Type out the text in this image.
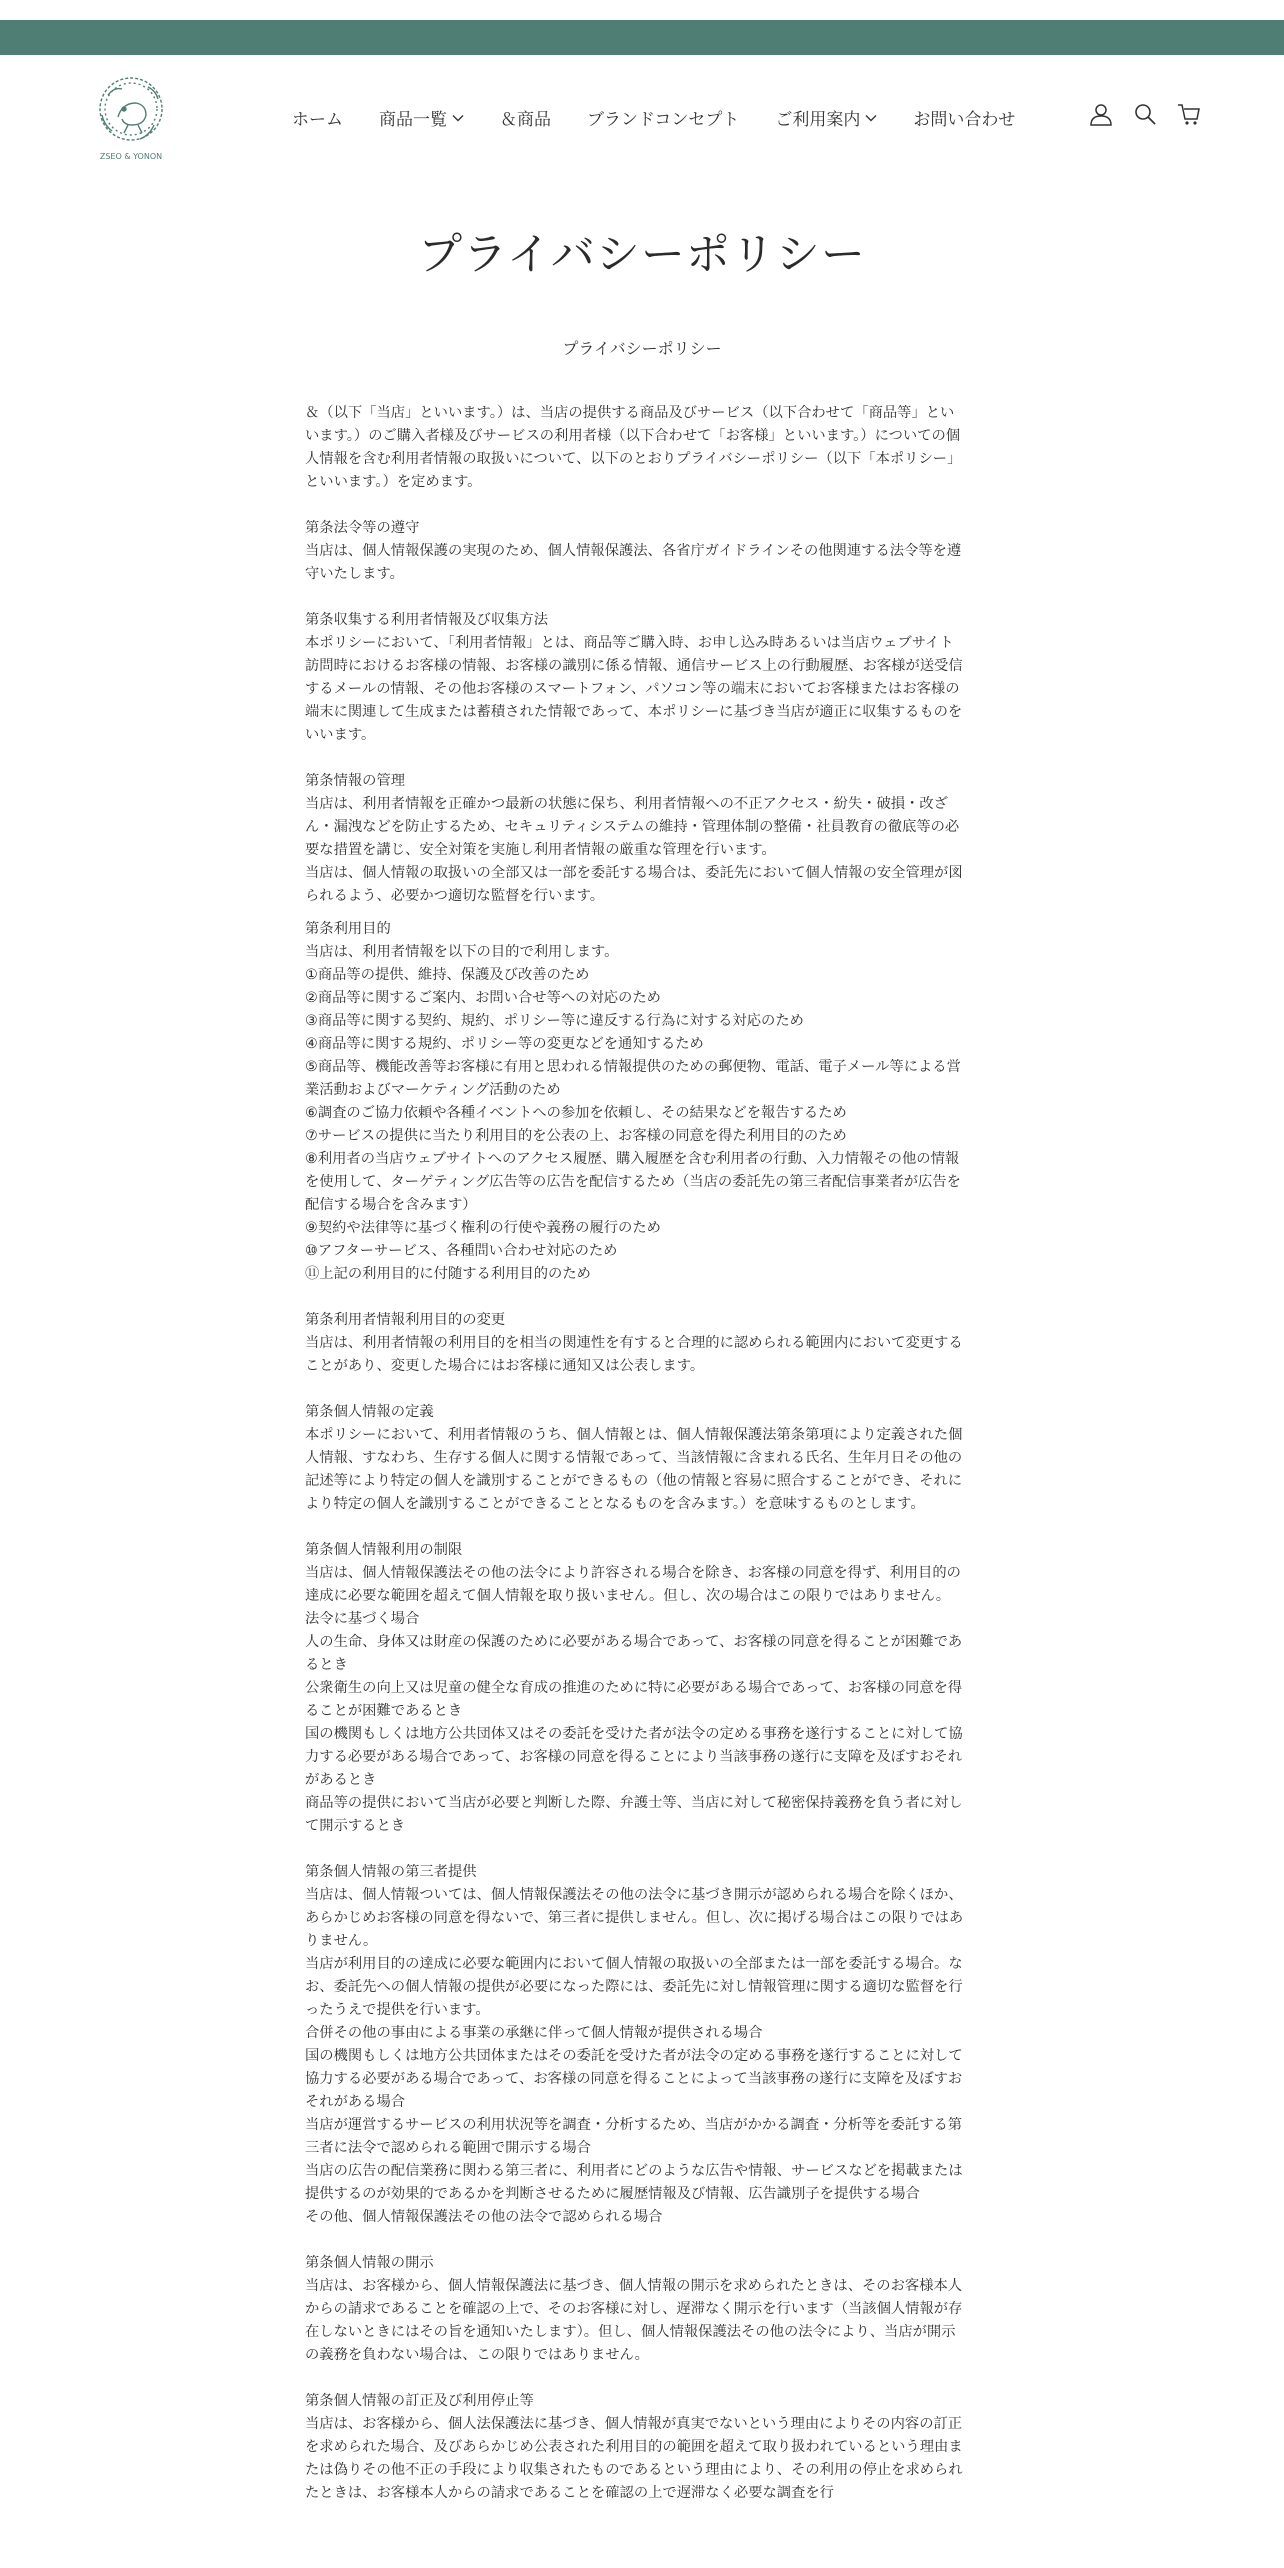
ZSEO & YONON
ホーム 商品一覧	＆商品 ブランドコンセプト ご利用案内	お問い合わせ
プライバシーポリシー
プライバシーポリシー

＆（以下「当店」といいます。）は、当店の提供する商品及びサービス（以下合わせて「商品等」といいます。）のご購入者様及びサービスの利用者様（以下合わせて「お客様」といいます。）についての個人情報を含む利用者情報の取扱いについて、以下のとおりプライバシーポリシー（以下「本ポリシー」といいます。）を定めます。

第条法令等の遵守

当店は、個人情報保護の実現のため、個人情報保護法、各省庁ガイドラインその他関連する法令等を遵守いたします。

第条収集する利用者情報及び収集方法

本ポリシーにおいて、「利用者情報」とは、商品等ご購入時、お申し込み時あるいは当店ウェブサイト訪問時におけるお客様の情報、お客様の識別に係る情報、通信サービス上の行動履歴、お客様が送受信するメールの情報、その他お客様のスマートフォン、パソコン等の端末においてお客様またはお客様の端末に関連して生成または蓄積された情報であって、本ポリシーに基づき当店が適正に収集するものをいいます。

第条情報の管理

当店は、利用者情報を正確かつ最新の状態に保ち、利用者情報への不正アクセス・紛失・破損・改ざん・漏洩などを防止するため、セキュリティシステムの維持・管理体制の整備・社員教育の徹底等の必要な措置を講じ、安全対策を実施し利用者情報の厳重な管理を行います。

当店は、個人情報の取扱いの全部又は一部を委託する場合は、委託先において個人情報の安全管理が図られるよう、必要かつ適切な監督を行います。

第条利用目的

当店は、利用者情報を以下の目的で利用します。

①商品等の提供、維持、保護及び改善のため

②商品等に関するご案内、お問い合せ等への対応のため

③商品等に関する契約、規約、ポリシー等に違反する行為に対する対応のため

④商品等に関する規約、ポリシー等の変更などを通知するため

⑤商品等、機能改善等お客様に有用と思われる情報提供のための郵便物、電話、電子メール等による営業活動およびマーケティング活動のため

⑥調査のご協力依頼や各種イベントへの参加を依頼し、その結果などを報告するため

⑦サービスの提供に当たり利用目的を公表の上、お客様の同意を得た利用目的のため

⑧利用者の当店ウェブサイトへのアクセス履歴、購入履歴を含む利用者の行動、入力情報その他の情報を使用して、ターゲティング広告等の広告を配信するため（当店の委託先の第三者配信事業者が広告を配信する場合を含みます）

⑨契約や法律等に基づく権利の行使や義務の履行のため

⑩アフターサービス、各種問い合わせ対応のため

⑪上記の利用目的に付随する利用目的のため

第条利用者情報利用目的の変更

当店は、利用者情報の利用目的を相当の関連性を有すると合理的に認められる範囲内において変更することがあり、変更した場合にはお客様に通知又は公表します。

第条個人情報の定義

本ポリシーにおいて、利用者情報のうち、個人情報とは、個人情報保護法第条第項により定義された個人情報、すなわち、生存する個人に関する情報であって、当該情報に含まれる氏名、生年月日その他の記述等により特定の個人を識別することができるもの（他の情報と容易に照合することができ、それにより特定の個人を識別することができることとなるものを含みます。）を意味するものとします。

第条個人情報利用の制限

当店は、個人情報保護法その他の法令により許容される場合を除き、お客様の同意を得ず、利用目的の達成に必要な範囲を超えて個人情報を取り扱いません。但し、次の場合はこの限りではありません。

法令に基づく場合

人の生命、身体又は財産の保護のために必要がある場合であって、お客様の同意を得ることが困難であるとき

公衆衛生の向上又は児童の健全な育成の推進のために特に必要がある場合であって、お客様の同意を得ることが困難であるとき

国の機関もしくは地方公共団体又はその委託を受けた者が法令の定める事務を遂行することに対して協力する必要がある場合であって、お客様の同意を得ることにより当該事務の遂行に支障を及ぼすおそれがあるとき

商品等の提供において当店が必要と判断した際、弁護士等、当店に対して秘密保持義務を負う者に対して開示するとき

第条個人情報の第三者提供

当店は、個人情報ついては、個人情報保護法その他の法令に基づき開示が認められる場合を除くほか、あらかじめお客様の同意を得ないで、第三者に提供しません。但し、次に掲げる場合はこの限りではありません。

当店が利用目的の達成に必要な範囲内において個人情報の取扱いの全部または一部を委託する場合。なお、委託先への個人情報の提供が必要になった際には、委託先に対し情報管理に関する適切な監督を行ったうえで提供を行います。

合併その他の事由による事業の承継に伴って個人情報が提供される場合

国の機関もしくは地方公共団体またはその委託を受けた者が法令の定める事務を遂行することに対して協力する必要がある場合であって、お客様の同意を得ることによって当該事務の遂行に支障を及ぼすおそれがある場合

当店が運営するサービスの利用状況等を調査・分析するため、当店がかかる調査・分析等を委託する第三者に法令で認められる範囲で開示する場合

当店の広告の配信業務に関わる第三者に、利用者にどのような広告や情報、サービスなどを掲載または提供するのが効果的であるかを判断させるために履歴情報及び情報、広告識別子を提供する場合

その他、個人情報保護法その他の法令で認められる場合

第条個人情報の開示

当店は、お客様から、個人情報保護法に基づき、個人情報の開示を求められたときは、そのお客様本人からの請求であることを確認の上で、そのお客様に対し、遅滞なく開示を行います（当該個人情報が存在しないときにはその旨を通知いたします）。但し、個人情報保護法その他の法令により、当店が開示の義務を負わない場合は、この限りではありません。

第条個人情報の訂正及び利用停止等

当店は、お客様から、個人法保護法に基づき、個人情報が真実でないという理由によりその内容の訂正を求められた場合、及びあらかじめ公表された利用目的の範囲を超えて取り扱われているという理由または偽りその他不正の手段により収集されたものであるという理由により、その利用の停止を求められたときは、お客様本人からの請求であることを確認の上で遅滞なく必要な調査を行
